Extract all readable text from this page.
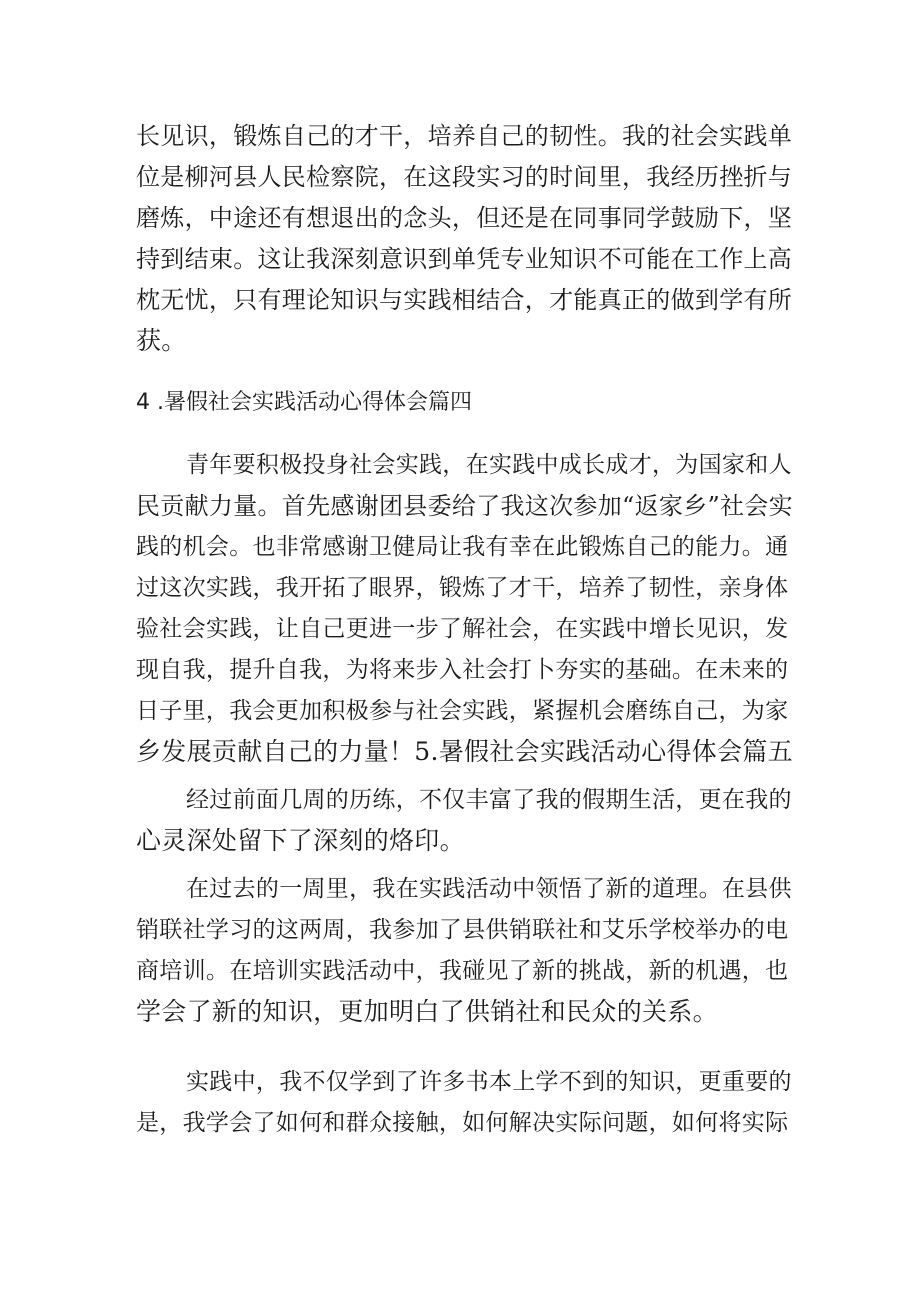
长见识，锻炼自己的才干，培养自己的韧性。我的社会实践单
位是柳河县人民检察院，在这段实习的时间里，我经历挫折与
磨炼，中途还有想退出的念头，但还是在同事同学鼓励下，坚
持到结束。这让我深刻意识到单凭专业知识不可能在工作上高
枕无忧，只有理论知识与实践相结合，才能真正的做到学有所
获。
4 .暑假社会实践活动心得体会篇四
青年要积极投身社会实践，在实践中成长成才，为国家和人
民贡献力量。首先感谢团县委给了我这次参加“返家乡”社会实
践的机会。也非常感谢卫健局让我有幸在此锻炼自己的能力。通
过这次实践，我开拓了眼界，锻炼了才干，培养了韧性，亲身体
验社会实践，让自己更进一步了解社会，在实践中增长见识，发
现自我，提升自我，为将来步入社会打卜夯实的基础。在未来的
日子里，我会更加积极参与社会实践，紧握机会磨练自己，为家
乡发展贡献自己的力量！5.暑假社会实践活动心得体会篇五
经过前面几周的历练，不仅丰富了我的假期生活，更在我的
心灵深处留下了深刻的烙印。
在过去的一周里，我在实践活动中领悟了新的道理。在县供
销联社学习的这两周，我参加了县供销联社和艾乐学校举办的电
商培训。在培训实践活动中，我碰见了新的挑战，新的机遇，也
学会了新的知识，更加明白了供销社和民众的关系。
实践中，我不仅学到了许多书本上学不到的知识，更重要的
是，我学会了如何和群众接触，如何解决实际问题，如何将实际
